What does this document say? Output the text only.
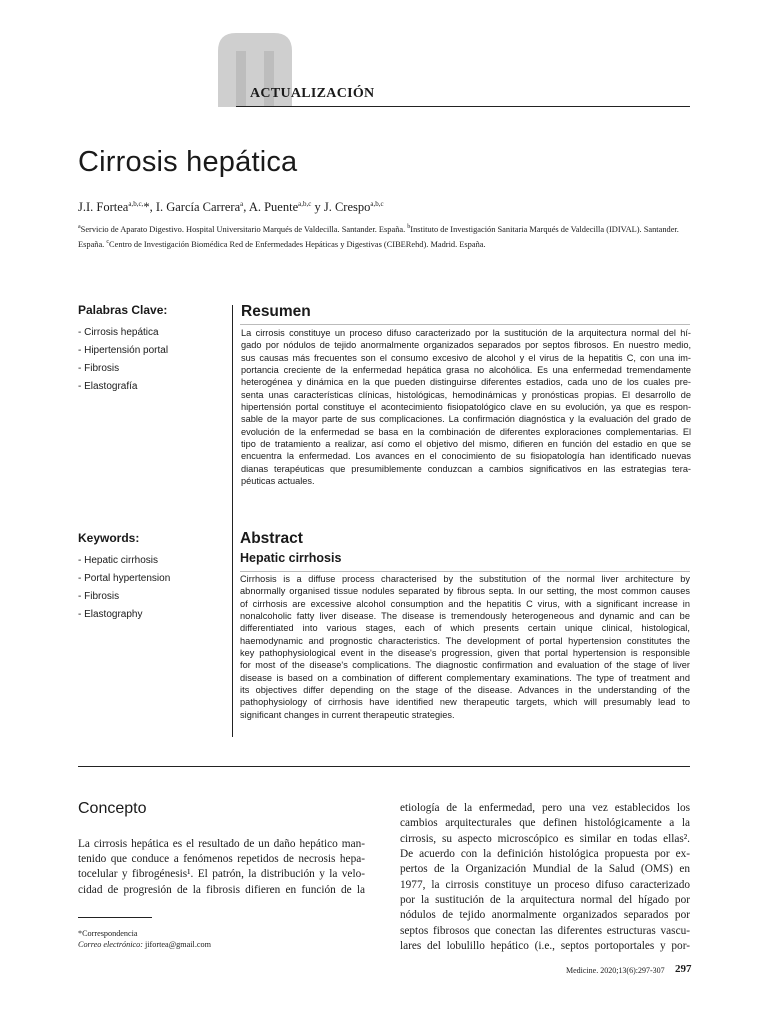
ACTUALIZACIÓN
Cirrosis hepática
J.I. Fortea$^{a,b,c,}$*, I. García Carrera$^a$, A. Puente$^{a,b,c}$ y J. Crespo$^{a,b,c}$
$^a$Servicio de Aparato Digestivo. Hospital Universitario Marqués de Valdecilla. Santander. España. $^b$Instituto de Investigación Sanitaria Marqués de Valdecilla (IDIVAL). Santander. España. $^c$Centro de Investigación Biomédica Red de Enfermedades Hepáticas y Digestivas (CIBERehd). Madrid. España.
Palabras Clave:
- Cirrosis hepática
- Hipertensión portal
- Fibrosis
- Elastografía
Keywords:
- Hepatic cirrhosis
- Portal hypertension
- Fibrosis
- Elastography
Resumen
La cirrosis constituye un proceso difuso caracterizado por la sustitución de la arquitectura normal del hí-
gado por nódulos de tejido anormalmente organizados separados por septos fibrosos. En nuestro medio,
sus causas más frecuentes son el consumo excesivo de alcohol y el virus de la hepatitis C, con una im-
portancia creciente de la enfermedad hepática grasa no alcohólica. Es una enfermedad tremendamente
heterogénea y dinámica en la que pueden distinguirse diferentes estadios, cada uno de los cuales pre-
senta unas características clínicas, histológicas, hemodinámicas y pronósticas propias. El desarrollo de
hipertensión portal constituye el acontecimiento fisiopatológico clave en su evolución, ya que es respon-
sable de la mayor parte de sus complicaciones. La confirmación diagnóstica y la evaluación del grado de
evolución de la enfermedad se basa en la combinación de diferentes exploraciones complementarias. El
tipo de tratamiento a realizar, así como el objetivo del mismo, difieren en función del estadio en que se
encuentra la enfermedad. Los avances en el conocimiento de su fisiopatología han identificado nuevas
dianas terapéuticas que presumiblemente conduzcan a cambios significativos en las estrategias tera-
péuticas actuales.
Abstract
Hepatic cirrhosis
Cirrhosis is a diffuse process characterised by the substitution of the normal liver architecture by
abnormally organised tissue nodules separated by fibrous septa. In our setting, the most common causes
of cirrhosis are excessive alcohol consumption and the hepatitis C virus, with a significant increase in
nonalcoholic fatty liver disease. The disease is tremendously heterogeneous and dynamic and can be
differentiated into various stages, each of which presents certain unique clinical, histological,
haemodynamic and prognostic characteristics. The development of portal hypertension constitutes the
key pathophysiological event in the disease's progression, given that portal hypertension is responsible
for most of the disease's complications. The diagnostic confirmation and evaluation of the stage of liver
disease is based on a combination of different complementary examinations. The type of treatment and
its objectives differ depending on the stage of the disease. Advances in the understanding of the
pathophysiology of cirrhosis have identified new therapeutic targets, which will presumably lead to
significant changes in current therapeutic strategies.
Concepto
La cirrosis hepática es el resultado de un daño hepático man-
tenido que conduce a fenómenos repetidos de necrosis hepa-
tocelular y fibrogénesis¹. El patrón, la distribución y la velo-
cidad de progresión de la fibrosis difieren en función de la
*Correspondencia
Correo electrónico: jifortea@gmail.com
etiología de la enfermedad, pero una vez establecidos los
cambios arquitecturales que definen histológicamente a la
cirrosis, su aspecto microscópico es similar en todas ellas².
De acuerdo con la definición histológica propuesta por ex-
pertos de la Organización Mundial de la Salud (OMS) en
1977, la cirrosis constituye un proceso difuso caracterizado
por la sustitución de la arquitectura normal del hígado por
nódulos de tejido anormalmente organizados separados por
septos fibrosos que conectan las diferentes estructuras vascu-
lares del lobulillo hepático (i.e., septos portoportales y por-
Medicine. 2020;13(6):297-307 297
